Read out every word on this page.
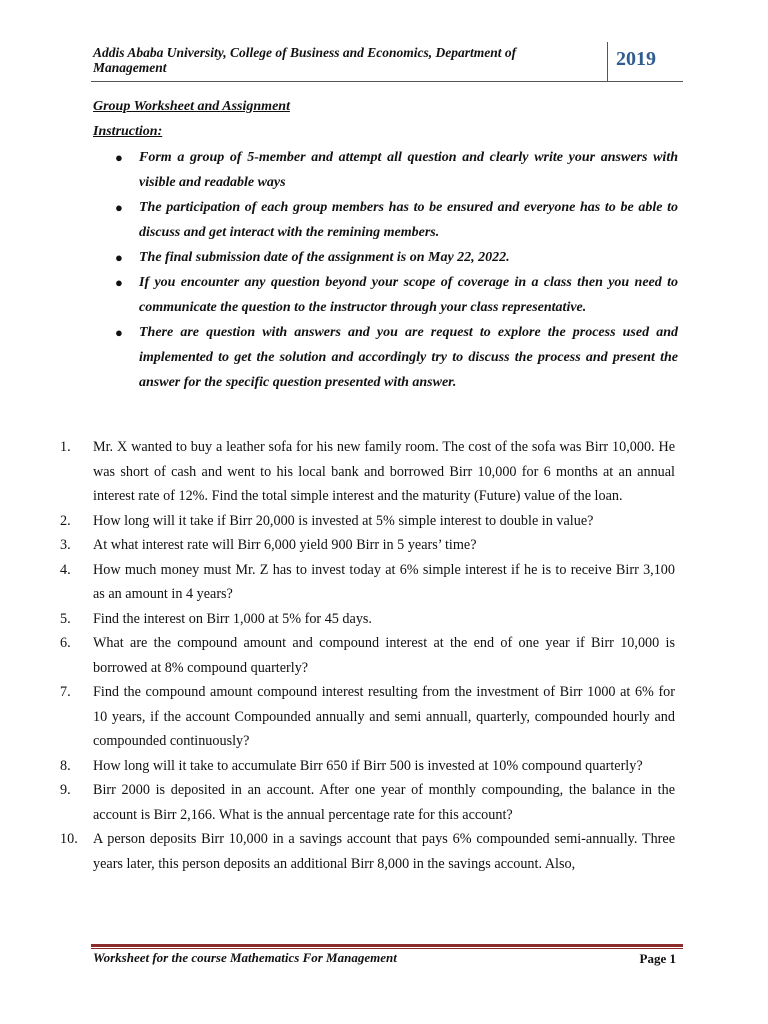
Addis Ababa University, College of Business and Economics, Department of
Management	2019
Group Worksheet and Assignment
Instruction:
● Form a group of 5-member and attempt all question and clearly write your answers with visible and readable ways
● The participation of each group members has to be ensured and everyone has to be able to discuss and get interact with the remining members.
● The final submission date of the assignment is on May 22, 2022.
● If you encounter any question beyond your scope of coverage in a class then you need to communicate the question to the instructor through your class representative.
● There are question with answers and you are request to explore the process used and implemented to get the solution and accordingly try to discuss the process and present the answer for the specific question presented with answer.
1. Mr. X wanted to buy a leather sofa for his new family room. The cost of the sofa was Birr 10,000. He was short of cash and went to his local bank and borrowed Birr 10,000 for 6 months at an annual interest rate of 12%. Find the total simple interest and the maturity (Future) value of the loan.
2. How long will it take if Birr 20,000 is invested at 5% simple interest to double in value?
3. At what interest rate will Birr 6,000 yield 900 Birr in 5 years’ time?
4. How much money must Mr. Z has to invest today at 6% simple interest if he is to receive Birr 3,100 as an amount in 4 years?
5. Find the interest on Birr 1,000 at 5% for 45 days.
6. What are the compound amount and compound interest at the end of one year if Birr 10,000 is borrowed at 8% compound quarterly?
7. Find the compound amount compound interest resulting from the investment of Birr 1000 at 6% for 10 years, if the account Compounded annually and semi annuall, quarterly, compounded hourly and compounded continuously?
8. How long will it take to accumulate Birr 650 if Birr 500 is invested at 10% compound quarterly?
9. Birr 2000 is deposited in an account. After one year of monthly compounding, the balance in the account is Birr 2,166. What is the annual percentage rate for this account?
10. A person deposits Birr 10,000 in a savings account that pays 6% compounded semi-annually. Three years later, this person deposits an additional Birr 8,000 in the savings account. Also,
Worksheet for the course Mathematics For Management	Page 1
